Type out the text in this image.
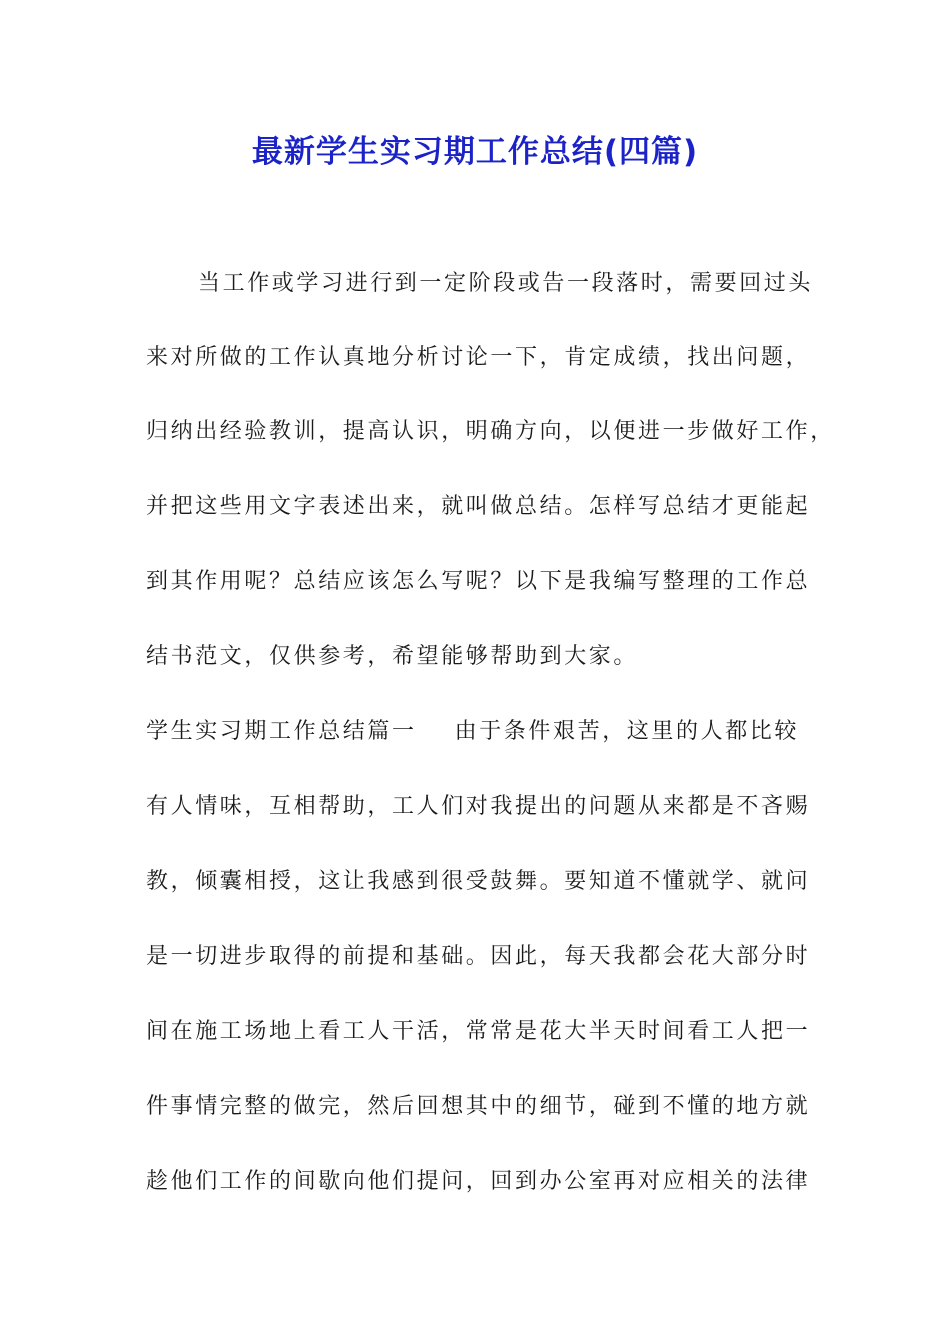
最新学生实习期工作总结(四篇)

当工作或学习进行到一定阶段或告一段落时，需要回过头

来对所做的工作认真地分析讨论一下，肯定成绩，找出问题，

归纳出经验教训，提高认识，明确方向，以便进一步做好工作，

并把这些用文字表述出来，就叫做总结。怎样写总结才更能起

到其作用呢？总结应该怎么写呢？以下是我编写整理的工作总

结书范文，仅供参考，希望能够帮助到大家。

学生实习期工作总结篇一 由于条件艰苦，这里的人都比较

有人情味，互相帮助，工人们对我提出的问题从来都是不吝赐

教，倾囊相授，这让我感到很受鼓舞。要知道不懂就学、就问

是一切进步取得的前提和基础。因此，每天我都会花大部分时

间在施工场地上看工人干活，常常是花大半天时间看工人把一

件事情完整的做完，然后回想其中的细节，碰到不懂的地方就

趁他们工作的间歇向他们提问，回到办公室再对应相关的法律
